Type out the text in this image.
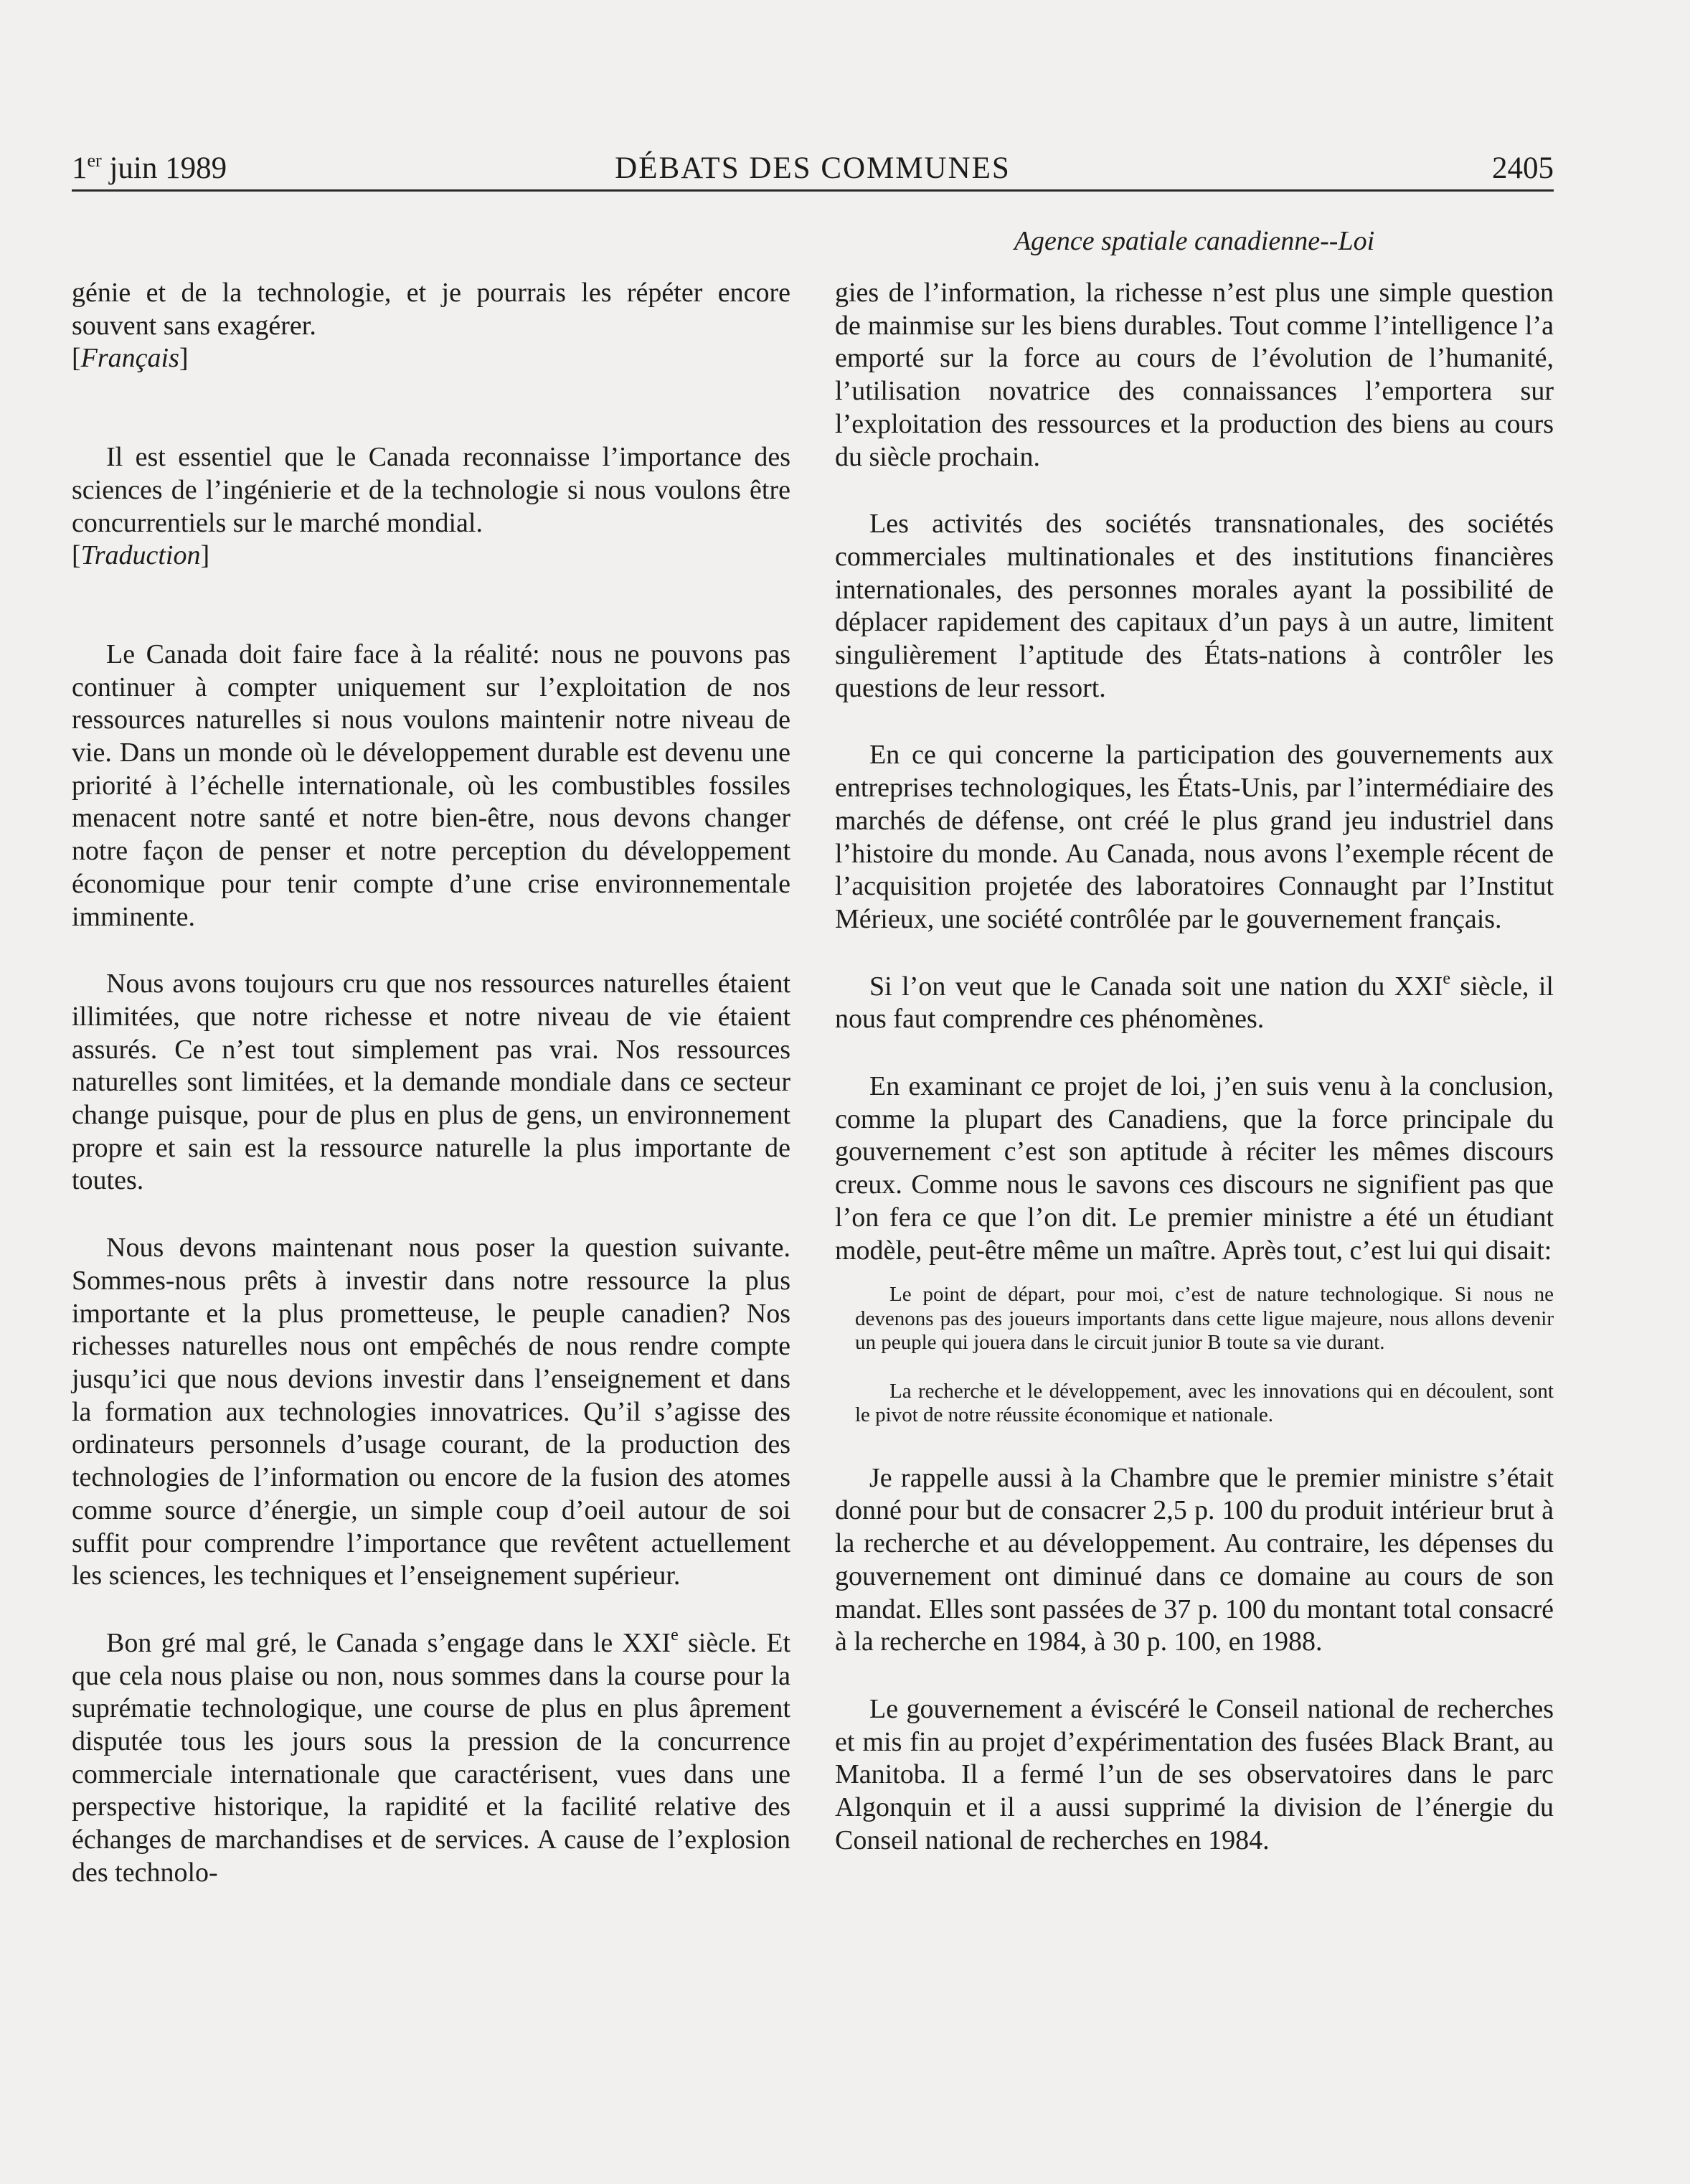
1er juin 1989	DÉBATS DES COMMUNES	2405
Agence spatiale canadienne--Loi

génie et de la technologie, et je pourrais les répéter encore souvent sans exagérer.

[Français]

Il est essentiel que le Canada reconnaisse l’importance des sciences de l’ingénierie et de la technologie si nous voulons être concurrentiels sur le marché mondial.

[Traduction]

Le Canada doit faire face à la réalité: nous ne pouvons pas continuer à compter uniquement sur l’exploitation de nos ressources naturelles si nous voulons maintenir notre niveau de vie. Dans un monde où le développement durable est devenu une priorité à l’échelle internationale, où les combustibles fossiles menacent notre santé et notre bien-être, nous devons changer notre façon de penser et notre perception du développement économique pour tenir compte d’une crise environnementale imminente.

Nous avons toujours cru que nos ressources naturelles étaient illimitées, que notre richesse et notre niveau de vie étaient assurés. Ce n’est tout simplement pas vrai. Nos ressources naturelles sont limitées, et la demande mondiale dans ce secteur change puisque, pour de plus en plus de gens, un environnement propre et sain est la ressource naturelle la plus importante de toutes.

Nous devons maintenant nous poser la question suivante. Sommes-nous prêts à investir dans notre ressource la plus importante et la plus prometteuse, le peuple canadien? Nos richesses naturelles nous ont empêchés de nous rendre compte jusqu’ici que nous devions investir dans l’enseignement et dans la formation aux technologies innovatrices. Qu’il s’agisse des ordinateurs personnels d’usage courant, de la production des technologies de l’information ou encore de la fusion des atomes comme source d’énergie, un simple coup d’oeil autour de soi suffit pour comprendre l’importance que revêtent actuellement les sciences, les techniques et l’enseignement supérieur.

Bon gré mal gré, le Canada s’engage dans le XXIe siècle. Et que cela nous plaise ou non, nous sommes dans la course pour la suprématie technologique, une course de plus en plus âprement disputée tous les jours sous la pression de la concurrence commerciale internationale que caractérisent, vues dans une perspective historique, la rapidité et la facilité relative des échanges de marchandises et de services. A cause de l’explosion des technolo-

gies de l’information, la richesse n’est plus une simple question de mainmise sur les biens durables. Tout comme l’intelligence l’a emporté sur la force au cours de l’évolution de l’humanité, l’utilisation novatrice des connaissances l’emportera sur l’exploitation des ressources et la production des biens au cours du siècle prochain.

Les activités des sociétés transnationales, des sociétés commerciales multinationales et des institutions financières internationales, des personnes morales ayant la possibilité de déplacer rapidement des capitaux d’un pays à un autre, limitent singulièrement l’aptitude des États-nations à contrôler les questions de leur ressort.

En ce qui concerne la participation des gouvernements aux entreprises technologiques, les États-Unis, par l’intermédiaire des marchés de défense, ont créé le plus grand jeu industriel dans l’histoire du monde. Au Canada, nous avons l’exemple récent de l’acquisition projetée des laboratoires Connaught par l’Institut Mérieux, une société contrôlée par le gouvernement français.

Si l’on veut que le Canada soit une nation du XXIe siècle, il nous faut comprendre ces phénomènes.

En examinant ce projet de loi, j’en suis venu à la conclusion, comme la plupart des Canadiens, que la force principale du gouvernement c’est son aptitude à réciter les mêmes discours creux. Comme nous le savons ces discours ne signifient pas que l’on fera ce que l’on dit. Le premier ministre a été un étudiant modèle, peut-être même un maître. Après tout, c’est lui qui disait:

Le point de départ, pour moi, c’est de nature technologique. Si nous ne devenons pas des joueurs importants dans cette ligue majeure, nous allons devenir un peuple qui jouera dans le circuit junior B toute sa vie durant.

La recherche et le développement, avec les innovations qui en découlent, sont le pivot de notre réussite économique et nationale.

Je rappelle aussi à la Chambre que le premier ministre s’était donné pour but de consacrer 2,5 p. 100 du produit intérieur brut à la recherche et au développement. Au contraire, les dépenses du gouvernement ont diminué dans ce domaine au cours de son mandat. Elles sont passées de 37 p. 100 du montant total consacré à la recherche en 1984, à 30 p. 100, en 1988.

Le gouvernement a éviscéré le Conseil national de recherches et mis fin au projet d’expérimentation des fusées Black Brant, au Manitoba. Il a fermé l’un de ses observatoires dans le parc Algonquin et il a aussi supprimé la division de l’énergie du Conseil national de recherches en 1984.
